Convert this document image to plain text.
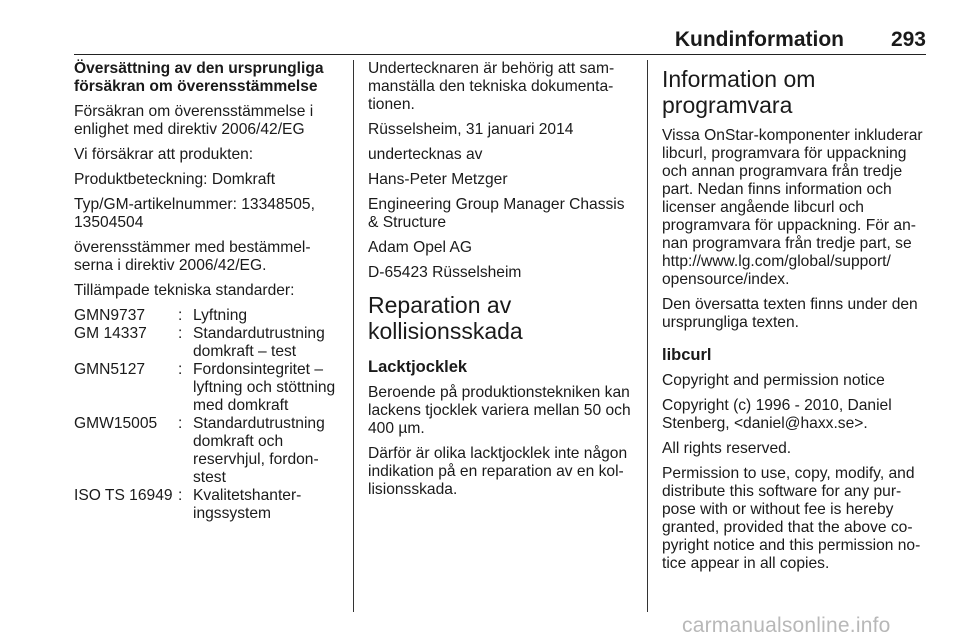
Kundinformation 293

Översättning av den ursprungliga försäkran om överensstämmelse

Försäkran om överensstämmelse i enlighet med direktiv 2006/42/EG

Vi försäkrar att produkten:

Produktbeteckning: Domkraft

Typ/GM-artikelnummer: 13348505, 13504504

överensstämmer med bestämmelserna i direktiv 2006/42/EG.

Tillämpade tekniska standarder:

GMN9737	: Lyftning
GM 14337	: Standardutrustning domkraft – test
GMN5127	: Fordonsintegritet – lyftning och stöttning med domkraft
GMW15005	: Standardutrustning domkraft och reservhjul, fordonstest
ISO TS 16949 : Kvalitetshanteringssystem

Undertecknaren är behörig att sammanställa den tekniska dokumentationen.

Rüsselsheim, 31 januari 2014

undertecknas av

Hans-Peter Metzger

Engineering Group Manager Chassis & Structure

Adam Opel AG

D-65423 Rüsselsheim

Reparation av kollisionsskada
Lacktjocklek

Beroende på produktionstekniken kan lackens tjocklek variera mellan 50 och 400 µm.

Därför är olika lacktjocklek inte någon indikation på en reparation av en kollisionsskada.

Information om programvara

Vissa OnStar-komponenter inkluderar libcurl, programvara för uppackning och annan programvara från tredje part. Nedan finns information och licenser angående libcurl och programvara för uppackning. För annan programvara från tredje part, se http://www.lg.com/global/support/ opensource/index.

Den översatta texten finns under den ursprungliga texten.

libcurl

Copyright and permission notice

Copyright (c) 1996 - 2010, Daniel Stenberg, <daniel@haxx.se>.

All rights reserved.

Permission to use, copy, modify, and distribute this software for any purpose with or without fee is hereby granted, provided that the above copyright notice and this permission notice appear in all copies.

carmanualsonline.info
